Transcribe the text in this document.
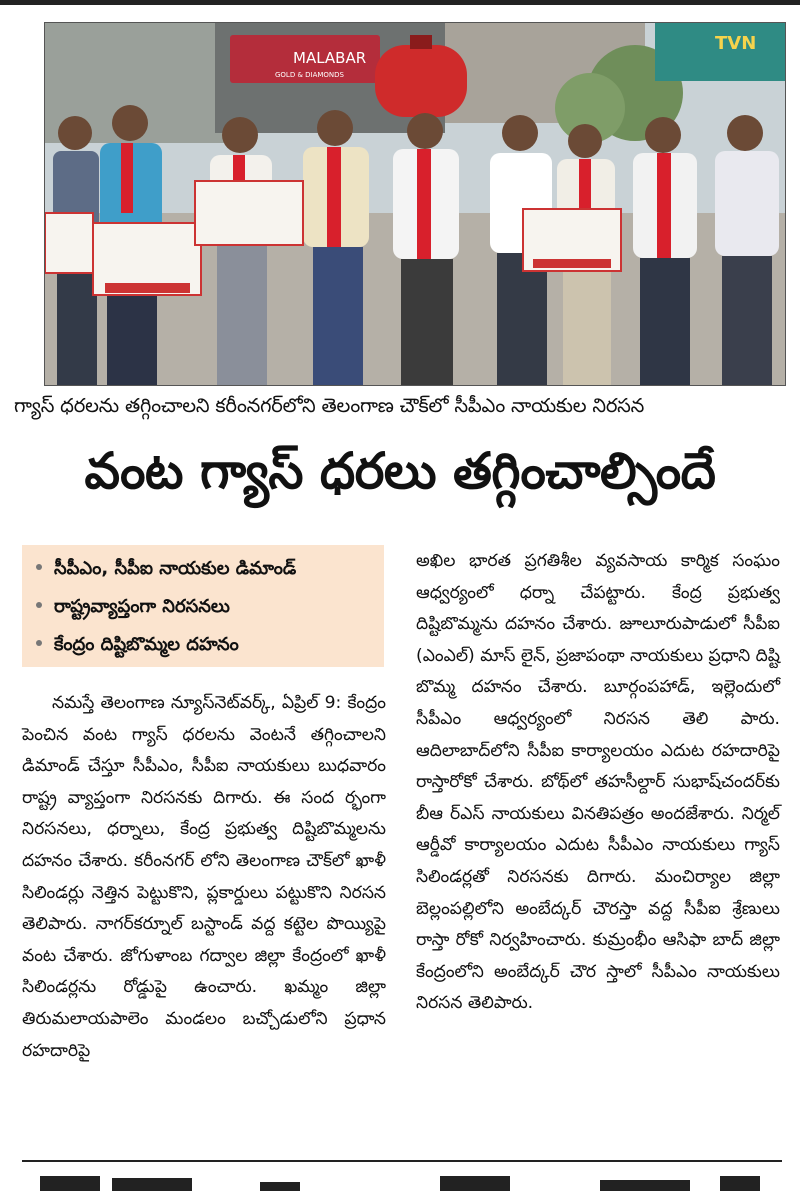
MALABAR
GOLD & DIAMONDS
TVN
గ్యాస్ ధరలను తగ్గించాలని కరీంనగర్‌లోని తెలంగాణ చౌక్‌లో సీపీఎం నాయకుల నిరసన
వంట గ్యాస్ ధరలు తగ్గించాల్సిందే
సీపీఎం, సీపీఐ నాయకుల డిమాండ్
రాష్ట్రవ్యాప్తంగా నిరసనలు
కేంద్రం దిష్టిబొమ్మల దహనం

నమస్తే తెలంగాణ న్యూస్‌నెట్‌వర్క్, ఏప్రిల్ 9: కేంద్రం పెంచిన వంట గ్యాస్ ధరలను వెంటనే తగ్గించాలని డిమాండ్ చేస్తూ సీపీఎం, సీపీఐ నాయకులు బుధవారం రాష్ట్ర వ్యాప్తంగా నిరసనకు దిగారు. ఈ సంద ర్భంగా నిరసనలు, ధర్నాలు, కేంద్ర ప్రభుత్వ దిష్టిబొమ్మలను దహనం చేశారు. కరీంనగర్ లోని తెలంగాణ చౌక్‌లో ఖాళీ సిలిండర్లు నెత్తిన పెట్టుకొని, ప్లకార్డులు పట్టుకొని నిరసన తెలిపారు. నాగర్‌కర్నూల్ బస్టాండ్ వద్ద కట్టెల పొయ్యిపై వంట చేశారు. జోగుళాంబ గద్వాల జిల్లా కేంద్రంలో ఖాళీ సిలిండర్లను రోడ్డుపై ఉంచారు. ఖమ్మం జిల్లా తిరుమలాయపాలెం మండలం బచ్చోడులోని ప్రధాన రహదారిపై

అఖిల భారత ప్రగతిశీల వ్యవసాయ కార్మిక సంఘం ఆధ్వర్యంలో ధర్నా చేపట్టారు. కేంద్ర ప్రభుత్వ దిష్టిబొమ్మను దహనం చేశారు. జూలూరుపాడులో సీపీఐ (ఎంఎల్) మాస్ లైన్, ప్రజాపంథా నాయకులు ప్రధాని దిష్టి బొమ్మ దహనం చేశారు. బూర్గంపహాడ్, ఇల్లెందులో సీపీఎం ఆధ్వర్యంలో నిరసన తెలి పారు. ఆదిలాబాద్‌లోని సీపీఐ కార్యాలయం ఎదుట రహదారిపై రాస్తారోకో చేశారు. బోథ్‌లో తహసీల్దార్ సుభాష్‌చందర్‌కు బీఆ ర్‌ఎస్ నాయకులు వినతిపత్రం అందజేశారు. నిర్మల్ ఆర్డీవో కార్యాలయం ఎదుట సీపీఎం నాయకులు గ్యాస్ సిలిండర్లతో నిరసనకు దిగారు. మంచిర్యాల జిల్లా బెల్లంపల్లిలోని అంబేద్కర్ చౌరస్తా వద్ద సీపీఐ శ్రేణులు రాస్తా రోకో నిర్వహించారు. కుమ్రంభీం ఆసిఫా బాద్ జిల్లా కేంద్రంలోని అంబేద్కర్ చౌర స్తాలో సీపీఎం నాయకులు నిరసన తెలిపారు.
